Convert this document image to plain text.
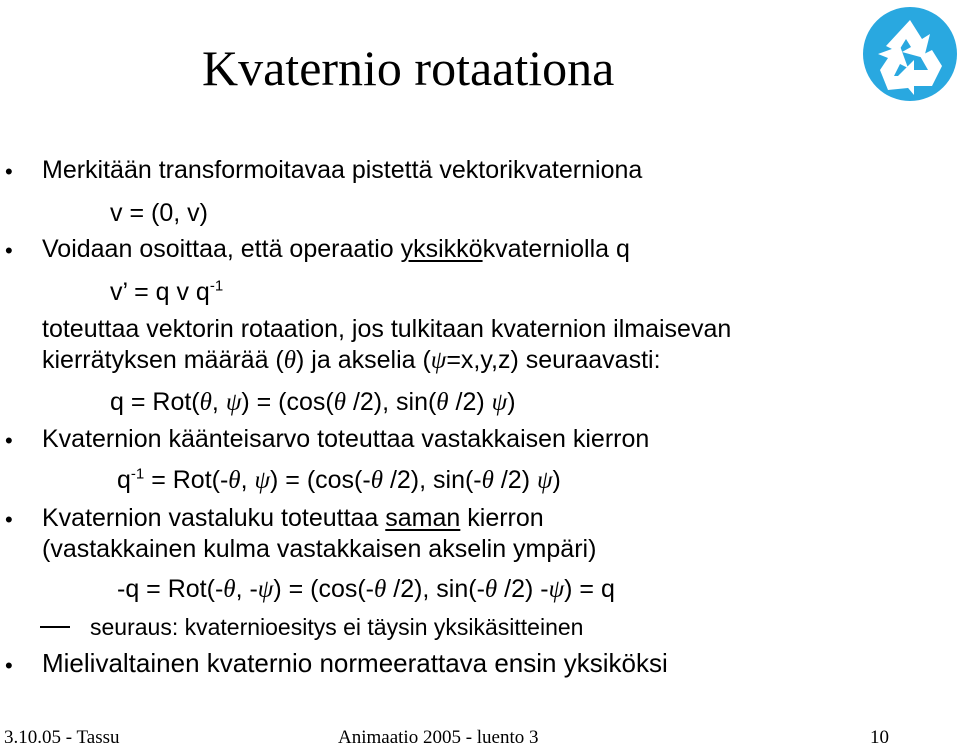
Kvaternio rotaationa
• Merkitään transformoitavaa pistettä vektorikvaterniona
v = (0, v)
• Voidaan osoittaa, että operaatio yksikkökvaterniolla q
v’ = q v $q^{-1}$
toteuttaa vektorin rotaation, jos tulkitaan kvaternion ilmaisevan
kierrätyksen määrää (θ) ja akselia (ψ=x,y,z) seuraavasti:
q = Rot(θ, ψ) = (cos(θ /2), sin(θ /2) ψ)
• Kvaternion käänteisarvo toteuttaa vastakkaisen kierron
$q^{-1} = Rot(-\theta$, ψ) = (cos(-θ /2), sin(-θ /2) ψ)
• Kvaternion vastaluku toteuttaa saman kierron
(vastakkainen kulma vastakkaisen akselin ympäri)
-q = Rot(-θ, -ψ) = (cos(-θ /2), sin(-θ /2) -ψ) = q
seuraus: kvaternioesitys ei täysin yksikäsitteinen
• Mielivaltainen kvaternio normeerattava ensin yksiköksi
3.10.05 - Tassu	Animaatio 2005 - luento 3	10
